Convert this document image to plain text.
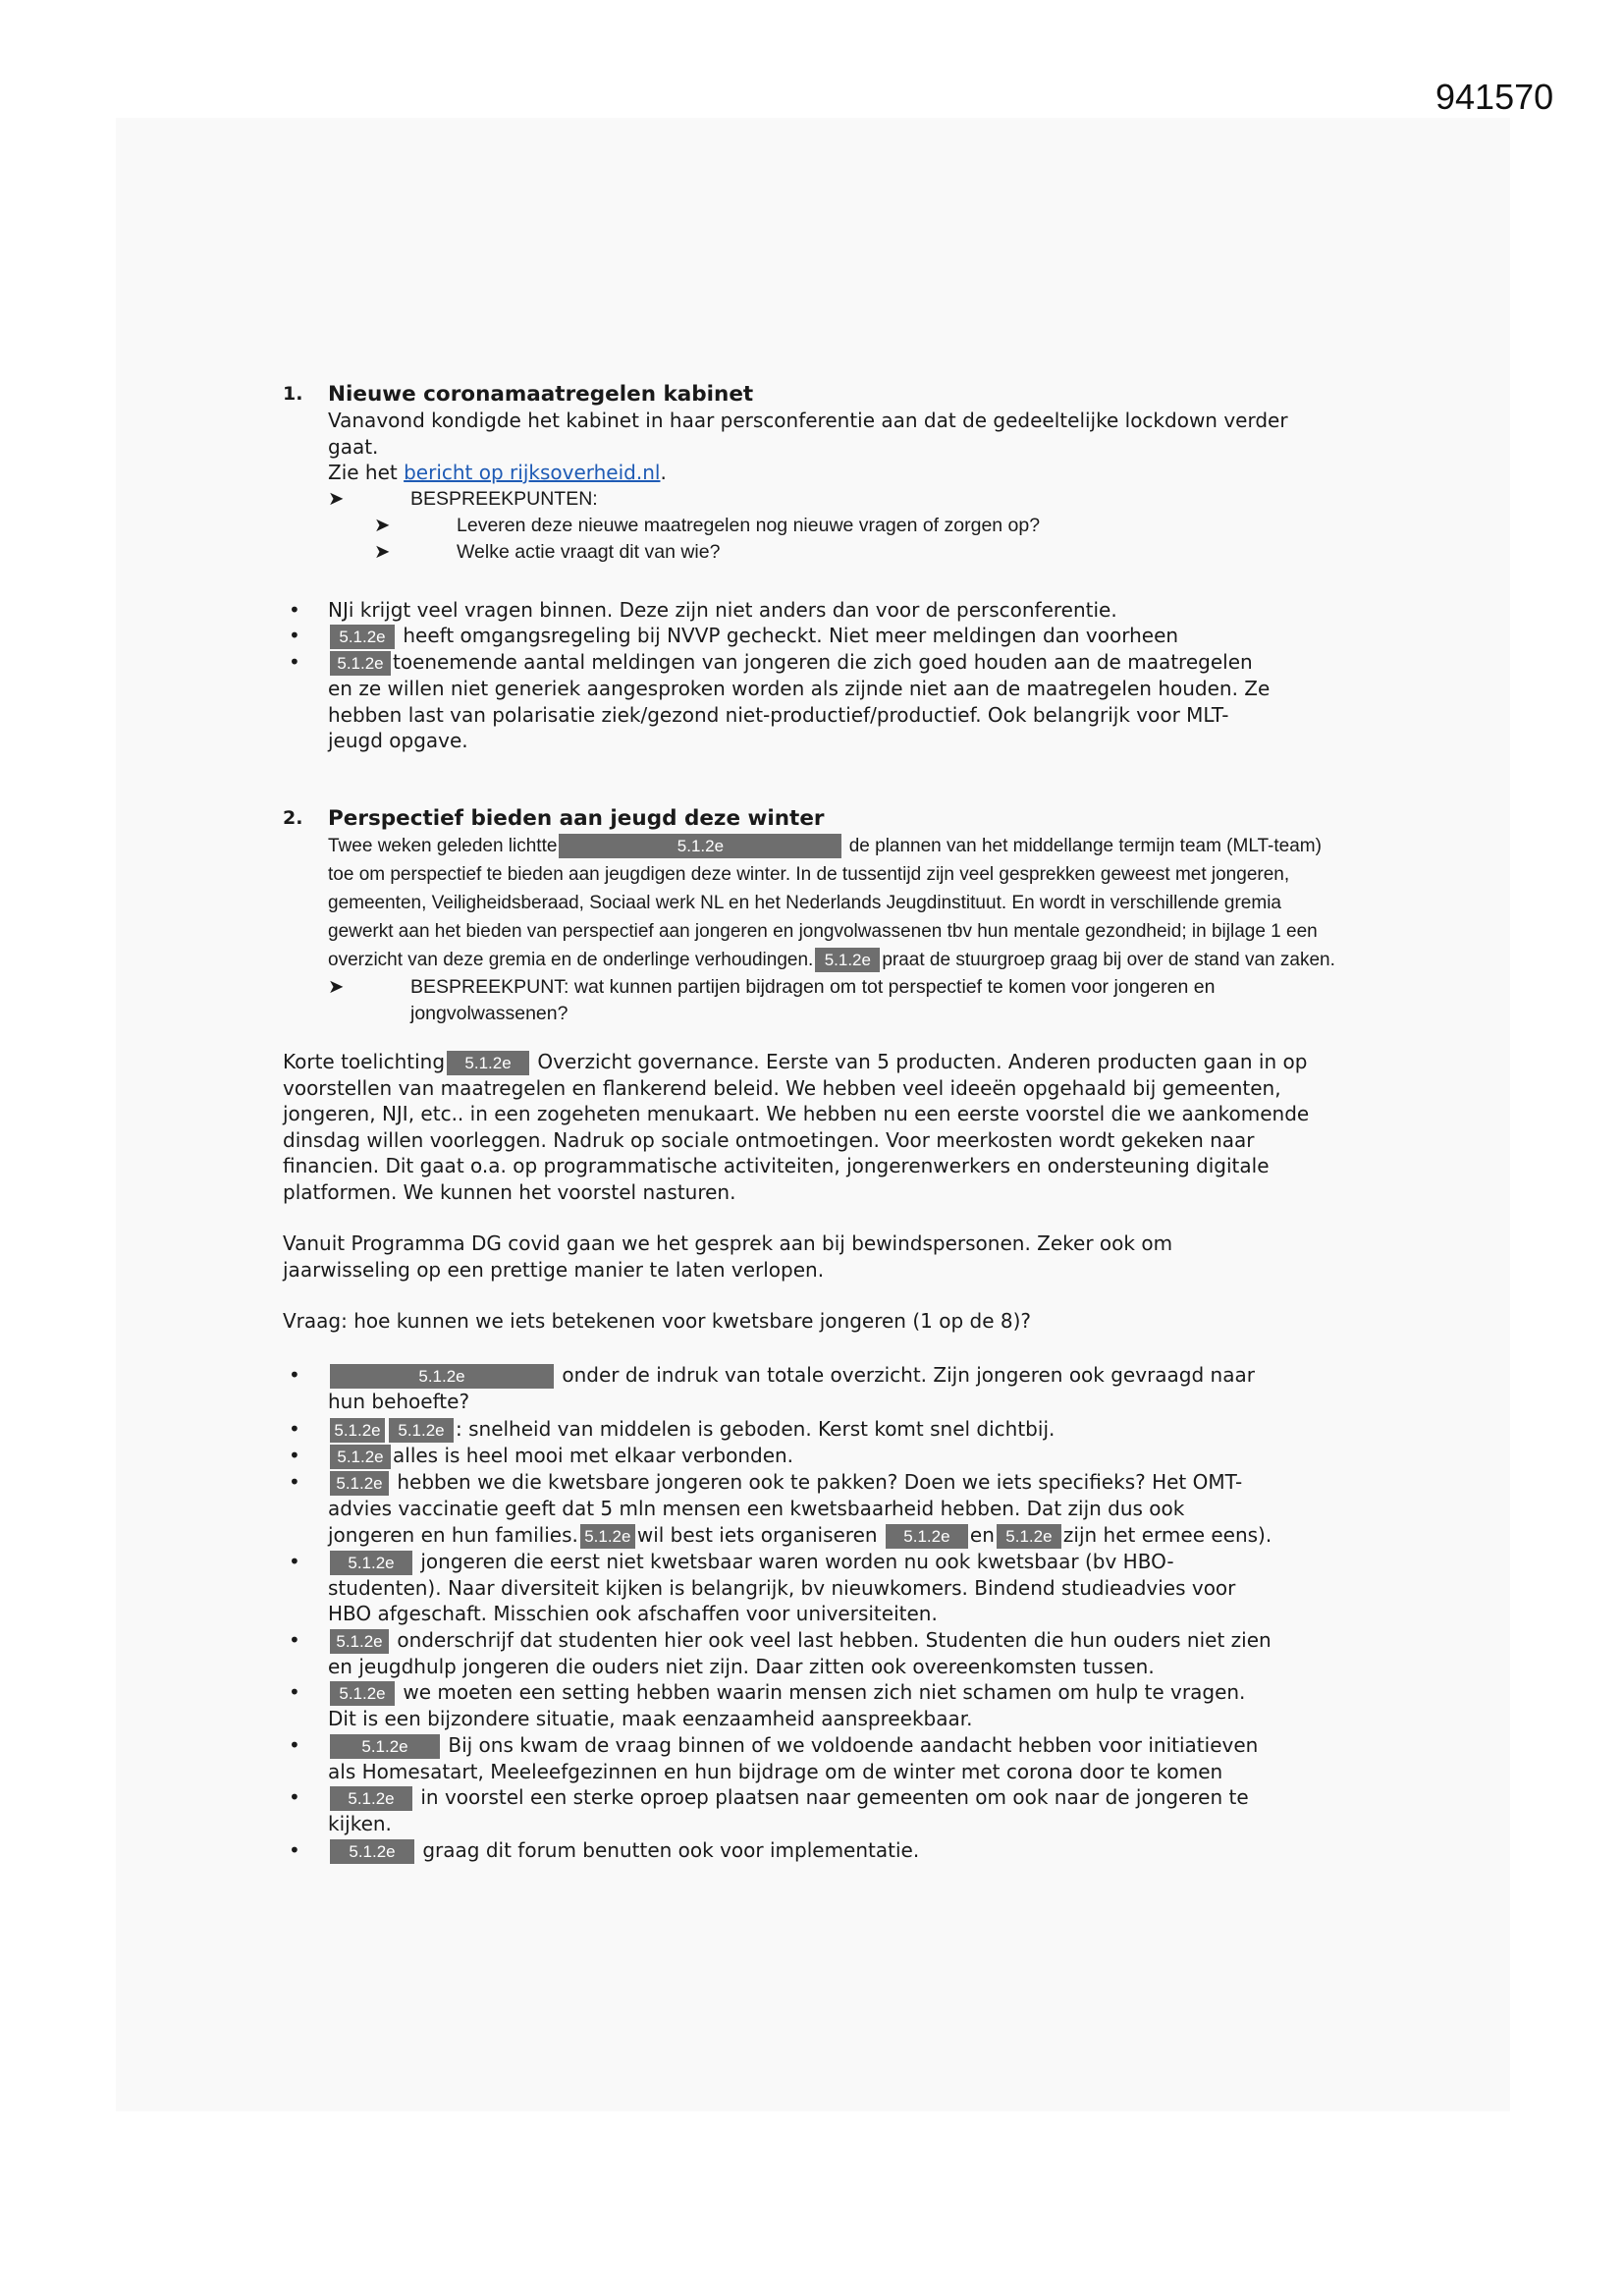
941570
1.	Nieuwe coronamaatregelen kabinet
Vanavond kondigde het kabinet in haar persconferentie aan dat de gedeeltelijke lockdown verder gaat.
Zie het bericht op rijksoverheid.nl.
➤	BESPREEKPUNTEN:
➤	Leveren deze nieuwe maatregelen nog nieuwe vragen of zorgen op?
➤	Welke actie vraagt dit van wie?
• NJi krijgt veel vragen binnen. Deze zijn niet anders dan voor de persconferentie.
• 5.1.2e heeft omgangsregeling bij NVVP gecheckt. Niet meer meldingen dan voorheen
• 5.1.2e toenemende aantal meldingen van jongeren die zich goed houden aan de maatregelen en ze willen niet generiek aangesproken worden als zijnde niet aan de maatregelen houden. Ze hebben last van polarisatie ziek/gezond niet-productief/productief. Ook belangrijk voor MLT-jeugd opgave.
2.	Perspectief bieden aan jeugd deze winter
Twee weken geleden lichtte	5.1.2e	de plannen van het middellange termijn team (MLT-team) toe om perspectief te bieden aan jeugdigen deze winter. In de tussentijd zijn veel gesprekken geweest met jongeren, gemeenten, Veiligheidsberaad, Sociaal werk NL en het Nederlands Jeugdinstituut. En wordt in verschillende gremia gewerkt aan het bieden van perspectief aan jongeren en jongvolwassenen tbv hun mentale gezondheid; in bijlage 1 een overzicht van deze gremia en de onderlinge verhoudingen. 5.1.2e praat de stuurgroep graag bij over de stand van zaken.
➤	BESPREEKPUNT: wat kunnen partijen bijdragen om tot perspectief te komen voor jongeren en jongvolwassenen?
Korte toelichting 5.1.2e Overzicht governance. Eerste van 5 producten. Anderen producten gaan in op voorstellen van maatregelen en flankerend beleid. We hebben veel ideeën opgehaald bij gemeenten, jongeren, NJI, etc.. in een zogeheten menukaart. We hebben nu een eerste voorstel die we aankomende dinsdag willen voorleggen. Nadruk op sociale ontmoetingen. Voor meerkosten wordt gekeken naar financien. Dit gaat o.a. op programmatische activiteiten, jongerenwerkers en ondersteuning digitale platformen. We kunnen het voorstel nasturen.
Vanuit Programma DG covid gaan we het gesprek aan bij bewindspersonen. Zeker ook om jaarwisseling op een prettige manier te laten verlopen.
Vraag: hoe kunnen we iets betekenen voor kwetsbare jongeren (1 op de 8)?
• 5.1.2e	onder de indruk van totale overzicht. Zijn jongeren ook gevraagd naar hun behoefte?
• 5.1.2e 5.1.2e : snelheid van middelen is geboden. Kerst komt snel dichtbij.
• 5.1.2e alles is heel mooi met elkaar verbonden.
• 5.1.2e hebben we die kwetsbare jongeren ook te pakken? Doen we iets specifieks? Het OMT-advies vaccinatie geeft dat 5 mln mensen een kwetsbaarheid hebben. Dat zijn dus ook jongeren en hun families. 5.1.2e wil best iets organiseren 5.1.2e en 5.1.2e zijn het ermee eens).
• 5.1.2e jongeren die eerst niet kwetsbaar waren worden nu ook kwetsbaar (bv HBO-studenten). Naar diversiteit kijken is belangrijk, bv nieuwkomers. Bindend studieadvies voor HBO afgeschaft. Misschien ook afschaffen voor universiteiten.
• 5.1.2e onderschrijf dat studenten hier ook veel last hebben. Studenten die hun ouders niet zien en jeugdhulp jongeren die ouders niet zijn. Daar zitten ook overeenkomsten tussen.
• 5.1.2e we moeten een setting hebben waarin mensen zich niet schamen om hulp te vragen. Dit is een bijzondere situatie, maak eenzaamheid aanspreekbaar.
• 5.1.2e Bij ons kwam de vraag binnen of we voldoende aandacht hebben voor initiatieven als Homesatart, Meeleefgezinnen en hun bijdrage om de winter met corona door te komen
• 5.1.2e in voorstel een sterke oproep plaatsen naar gemeenten om ook naar de jongeren te kijken.
• 5.1.2e graag dit forum benutten ook voor implementatie.
